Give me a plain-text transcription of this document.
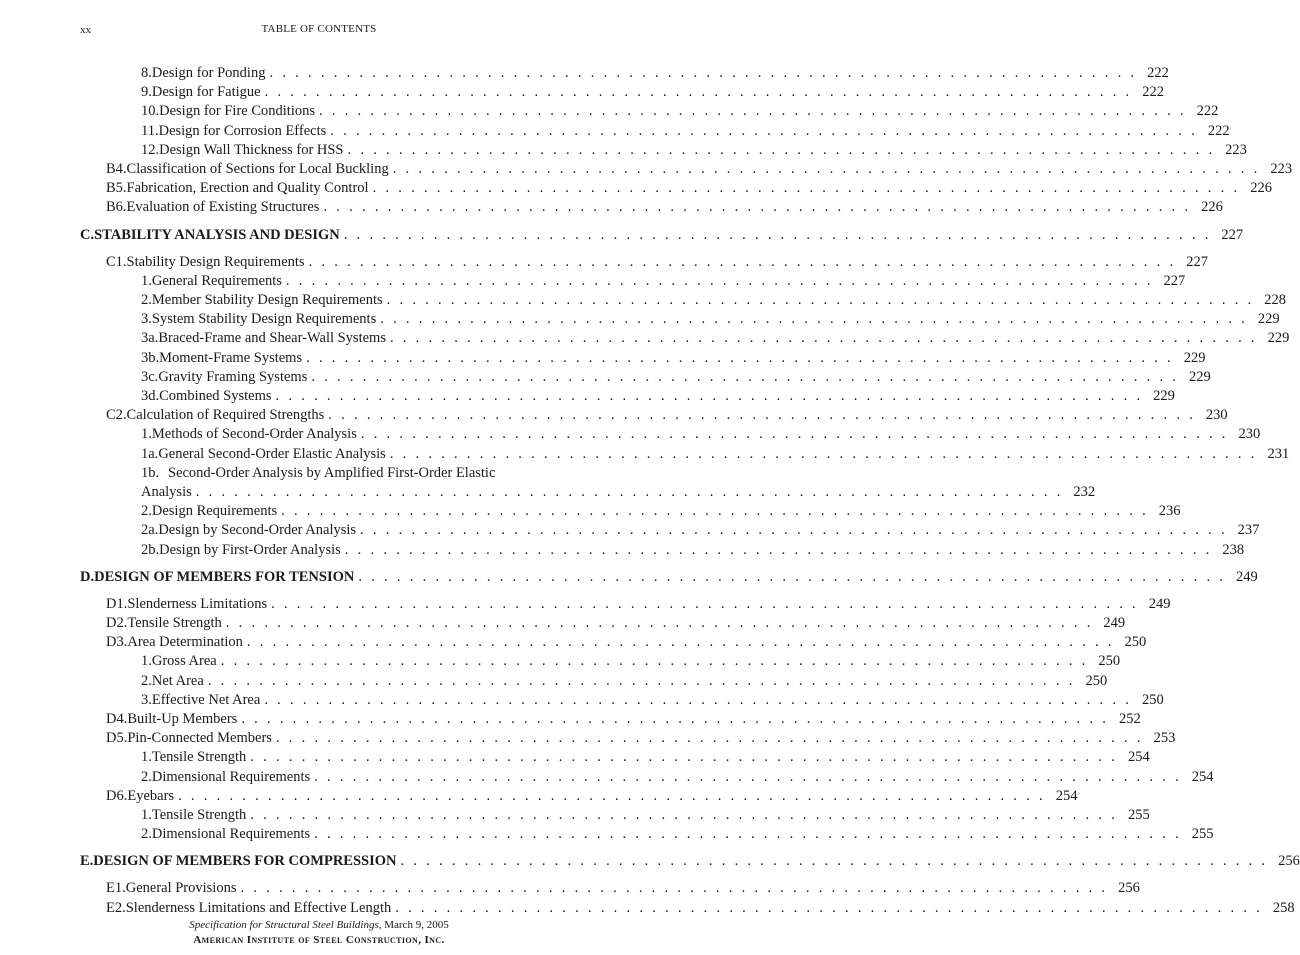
xx	TABLE OF CONTENTS
8. Design for Ponding . . . . . . . . . . . . . . . . . . . . . . . . . . . . . . . . . . . . . . . . . . . . . . . . . . . . . . . . . . . . . . . . . . . . 222
9. Design for Fatigue . . . . . . . . . . . . . . . . . . . . . . . . . . . . . . . . . . . . . . . . . . . . . . . . . . . . . . . . . . . . . . . . . . . . 222
10. Design for Fire Conditions . . . . . . . . . . . . . . . . . . . . . . . . . . . . . . . . . . . . . . . . . . . . . . . . . . . . . . . . . . . . . . . . . . . . 222
11. Design for Corrosion Effects . . . . . . . . . . . . . . . . . . . . . . . . . . . . . . . . . . . . . . . . . . . . . . . . . . . . . . . . . . . . . . . . . . . . 222
12. Design Wall Thickness for HSS . . . . . . . . . . . . . . . . . . . . . . . . . . . . . . . . . . . . . . . . . . . . . . . . . . . . . . . . . . . . . . . . . . . . 223
B4. Classification of Sections for Local Buckling . . . . . . . . . . . . . . . . . . . . . . . . . . . . . . . . . . . . . . . . . . . . . . . . . . . . . . . . . . . . . . . . . . . . 223
B5. Fabrication, Erection and Quality Control . . . . . . . . . . . . . . . . . . . . . . . . . . . . . . . . . . . . . . . . . . . . . . . . . . . . . . . . . . . . . . . . . . . . 226
B6. Evaluation of Existing Structures . . . . . . . . . . . . . . . . . . . . . . . . . . . . . . . . . . . . . . . . . . . . . . . . . . . . . . . . . . . . . . . . . . . . 226
C. STABILITY ANALYSIS AND DESIGN . . . . . . . . . . . . . . . . . . . . . . . . . . . . . . . . . . . . . . . . . . . . . . . . . . . . . . . . . . . . . . . . . . . . 227
C1. Stability Design Requirements . . . . . . . . . . . . . . . . . . . . . . . . . . . . . . . . . . . . . . . . . . . . . . . . . . . . . . . . . . . . . . . . . . . . 227
1. General Requirements . . . . . . . . . . . . . . . . . . . . . . . . . . . . . . . . . . . . . . . . . . . . . . . . . . . . . . . . . . . . . . . . . . . . 227
2. Member Stability Design Requirements . . . . . . . . . . . . . . . . . . . . . . . . . . . . . . . . . . . . . . . . . . . . . . . . . . . . . . . . . . . . . . . . . . . . 228
3. System Stability Design Requirements . . . . . . . . . . . . . . . . . . . . . . . . . . . . . . . . . . . . . . . . . . . . . . . . . . . . . . . . . . . . . . . . . . . . 229
3a. Braced-Frame and Shear-Wall Systems . . . . . . . . . . . . . . . . . . . . . . . . . . . . . . . . . . . . . . . . . . . . . . . . . . . . . . . . . . . . . . . . . . . . 229
3b. Moment-Frame Systems . . . . . . . . . . . . . . . . . . . . . . . . . . . . . . . . . . . . . . . . . . . . . . . . . . . . . . . . . . . . . . . . . . . . 229
3c. Gravity Framing Systems . . . . . . . . . . . . . . . . . . . . . . . . . . . . . . . . . . . . . . . . . . . . . . . . . . . . . . . . . . . . . . . . . . . . 229
3d. Combined Systems . . . . . . . . . . . . . . . . . . . . . . . . . . . . . . . . . . . . . . . . . . . . . . . . . . . . . . . . . . . . . . . . . . . . 229
C2. Calculation of Required Strengths . . . . . . . . . . . . . . . . . . . . . . . . . . . . . . . . . . . . . . . . . . . . . . . . . . . . . . . . . . . . . . . . . . . . 230
1. Methods of Second-Order Analysis . . . . . . . . . . . . . . . . . . . . . . . . . . . . . . . . . . . . . . . . . . . . . . . . . . . . . . . . . . . . . . . . . . . . 230
1a. General Second-Order Elastic Analysis . . . . . . . . . . . . . . . . . . . . . . . . . . . . . . . . . . . . . . . . . . . . . . . . . . . . . . . . . . . . . . . . . . . . 231
1b. Second-Order Analysis by Amplified First-Order Elastic
Analysis . . . . . . . . . . . . . . . . . . . . . . . . . . . . . . . . . . . . . . . . . . . . . . . . . . . . . . . . . . . . . . . . . . . . 232
2. Design Requirements . . . . . . . . . . . . . . . . . . . . . . . . . . . . . . . . . . . . . . . . . . . . . . . . . . . . . . . . . . . . . . . . . . . . 236
2a. Design by Second-Order Analysis . . . . . . . . . . . . . . . . . . . . . . . . . . . . . . . . . . . . . . . . . . . . . . . . . . . . . . . . . . . . . . . . . . . . 237
2b. Design by First-Order Analysis . . . . . . . . . . . . . . . . . . . . . . . . . . . . . . . . . . . . . . . . . . . . . . . . . . . . . . . . . . . . . . . . . . . . 238
D. DESIGN OF MEMBERS FOR TENSION . . . . . . . . . . . . . . . . . . . . . . . . . . . . . . . . . . . . . . . . . . . . . . . . . . . . . . . . . . . . . . . . . . . . 249
D1. Slenderness Limitations . . . . . . . . . . . . . . . . . . . . . . . . . . . . . . . . . . . . . . . . . . . . . . . . . . . . . . . . . . . . . . . . . . . . 249
D2. Tensile Strength . . . . . . . . . . . . . . . . . . . . . . . . . . . . . . . . . . . . . . . . . . . . . . . . . . . . . . . . . . . . . . . . . . . . 249
D3. Area Determination . . . . . . . . . . . . . . . . . . . . . . . . . . . . . . . . . . . . . . . . . . . . . . . . . . . . . . . . . . . . . . . . . . . . 250
1. Gross Area . . . . . . . . . . . . . . . . . . . . . . . . . . . . . . . . . . . . . . . . . . . . . . . . . . . . . . . . . . . . . . . . . . . . 250
2. Net Area . . . . . . . . . . . . . . . . . . . . . . . . . . . . . . . . . . . . . . . . . . . . . . . . . . . . . . . . . . . . . . . . . . . . 250
3. Effective Net Area . . . . . . . . . . . . . . . . . . . . . . . . . . . . . . . . . . . . . . . . . . . . . . . . . . . . . . . . . . . . . . . . . . . . 250
D4. Built-Up Members . . . . . . . . . . . . . . . . . . . . . . . . . . . . . . . . . . . . . . . . . . . . . . . . . . . . . . . . . . . . . . . . . . . . 252
D5. Pin-Connected Members . . . . . . . . . . . . . . . . . . . . . . . . . . . . . . . . . . . . . . . . . . . . . . . . . . . . . . . . . . . . . . . . . . . . 253
1. Tensile Strength . . . . . . . . . . . . . . . . . . . . . . . . . . . . . . . . . . . . . . . . . . . . . . . . . . . . . . . . . . . . . . . . . . . . 254
2. Dimensional Requirements . . . . . . . . . . . . . . . . . . . . . . . . . . . . . . . . . . . . . . . . . . . . . . . . . . . . . . . . . . . . . . . . . . . . 254
D6. Eyebars . . . . . . . . . . . . . . . . . . . . . . . . . . . . . . . . . . . . . . . . . . . . . . . . . . . . . . . . . . . . . . . . . . . . 254
1. Tensile Strength . . . . . . . . . . . . . . . . . . . . . . . . . . . . . . . . . . . . . . . . . . . . . . . . . . . . . . . . . . . . . . . . . . . . 255
2. Dimensional Requirements . . . . . . . . . . . . . . . . . . . . . . . . . . . . . . . . . . . . . . . . . . . . . . . . . . . . . . . . . . . . . . . . . . . . 255
E. DESIGN OF MEMBERS FOR COMPRESSION . . . . . . . . . . . . . . . . . . . . . . . . . . . . . . . . . . . . . . . . . . . . . . . . . . . . . . . . . . . . . . . . . . . . 256
E1. General Provisions . . . . . . . . . . . . . . . . . . . . . . . . . . . . . . . . . . . . . . . . . . . . . . . . . . . . . . . . . . . . . . . . . . . . 256
E2. Slenderness Limitations and Effective Length . . . . . . . . . . . . . . . . . . . . . . . . . . . . . . . . . . . . . . . . . . . . . . . . . . . . . . . . . . . . . . . . . . . . 258
Specification for Structural Steel Buildings, March 9, 2005
American Institute of Steel Construction, Inc.
